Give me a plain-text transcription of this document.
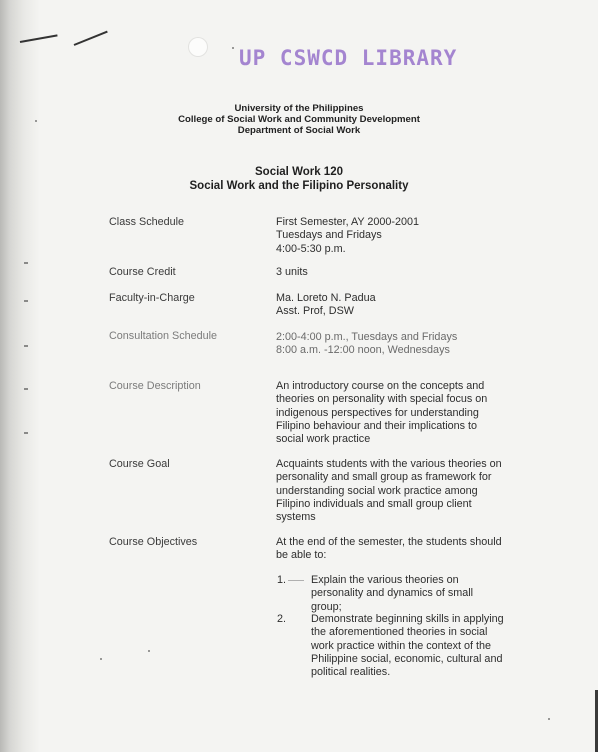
UP CSWCD LIBRARY
University of the Philippines
College of Social Work and Community Development
Department of Social Work
Social Work 120
Social Work and the Filipino Personality
Class Schedule	First Semester, AY 2000-2001
Tuesdays and Fridays
4:00-5:30 p.m.
Course Credit	3 units
Faculty-in-Charge	Ma. Loreto N. Padua
Asst. Prof, DSW
Consultation Schedule	2:00-4:00 p.m., Tuesdays and Fridays
8:00 a.m. -12:00 noon, Wednesdays
Course Description	An introductory course on the concepts and
theories on personality with special focus on
indigenous perspectives for understanding
Filipino behaviour and their implications to
social work practice
Course Goal	Acquaints students with the various theories on
personality and small group as framework for
understanding social work practice among
Filipino individuals and small group client
systems
Course Objectives	At the end of the semester, the students should
be able to:
1. Explain the various theories on
personality and dynamics of small
group;
2. Demonstrate beginning skills in applying
the aforementioned theories in social
work practice within the context of the
Philippine social, economic, cultural and
political realities.
